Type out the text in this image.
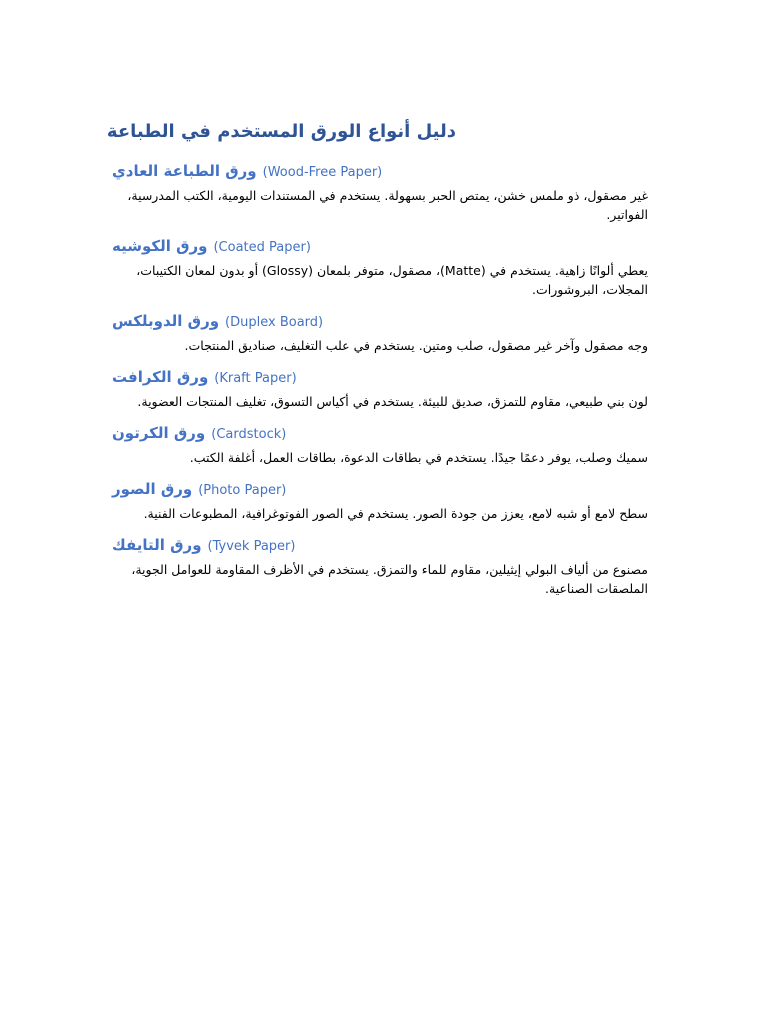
دليل أنواع الورق المستخدم في الطباعة
ورق الطباعة العادي (Wood-Free Paper)
غير مصقول، ذو ملمس خشن، يمتص الحبر بسهولة. يستخدم في المستندات اليومية، الكتب المدرسية، الفواتير.
ورق الكوشيه (Coated Paper)
يعطي ألوانًا زاهية. يستخدم في (Matte)، مصقول، متوفر بلمعان (Glossy) أو بدون لمعان الكتيبات، المجلات، البروشورات.
ورق الدوبلكس (Duplex Board)
وجه مصقول وآخر غير مصقول، صلب ومتين. يستخدم في علب التغليف، صناديق المنتجات.
ورق الكرافت (Kraft Paper)
لون بني طبيعي، مقاوم للتمزق، صديق للبيئة. يستخدم في أكياس التسوق، تغليف المنتجات العضوية.
ورق الكرتون (Cardstock)
سميك وصلب، يوفر دعمًا جيدًا. يستخدم في بطاقات الدعوة، بطاقات العمل، أغلفة الكتب.
ورق الصور (Photo Paper)
سطح لامع أو شبه لامع، يعزز من جودة الصور. يستخدم في الصور الفوتوغرافية، المطبوعات الفنية.
ورق التايفك (Tyvek Paper)
مصنوع من ألياف البولي إيثيلين، مقاوم للماء والتمزق. يستخدم في الأظرف المقاومة للعوامل الجوية، الملصقات الصناعية.
